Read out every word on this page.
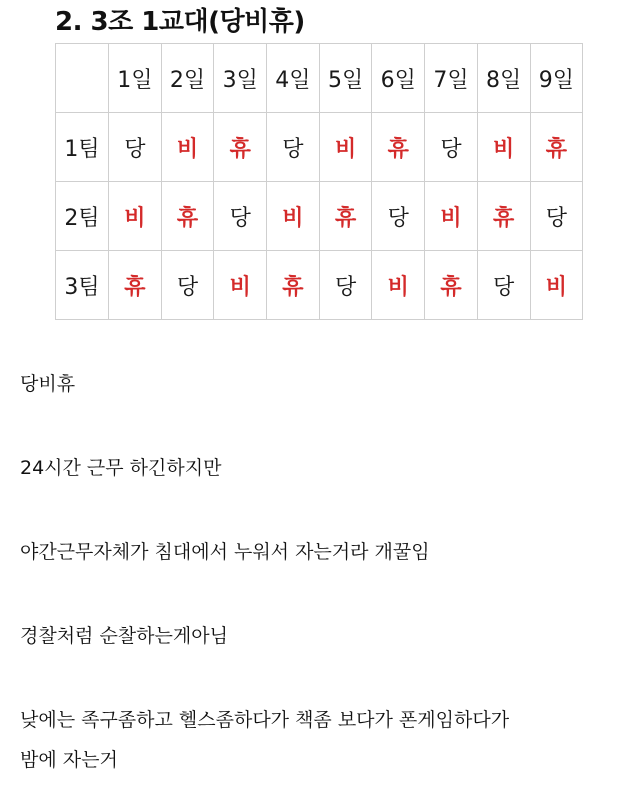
2. 3조 1교대(당비휴)
	1일	2일	3일	4일	5일	6일	7일	8일	9일
1팀	당	비	휴	당	비	휴	당	비	휴
2팀	비	휴	당	비	휴	당	비	휴	당
3팀	휴	당	비	휴	당	비	휴	당	비
당비휴
24시간 근무 하긴하지만
야간근무자체가 침대에서 누워서 자는거라 개꿀임
경찰처럼 순찰하는게아님
낮에는 족구좀하고 헬스좀하다가 책좀 보다가 폰게임하다가
밤에 자는거
